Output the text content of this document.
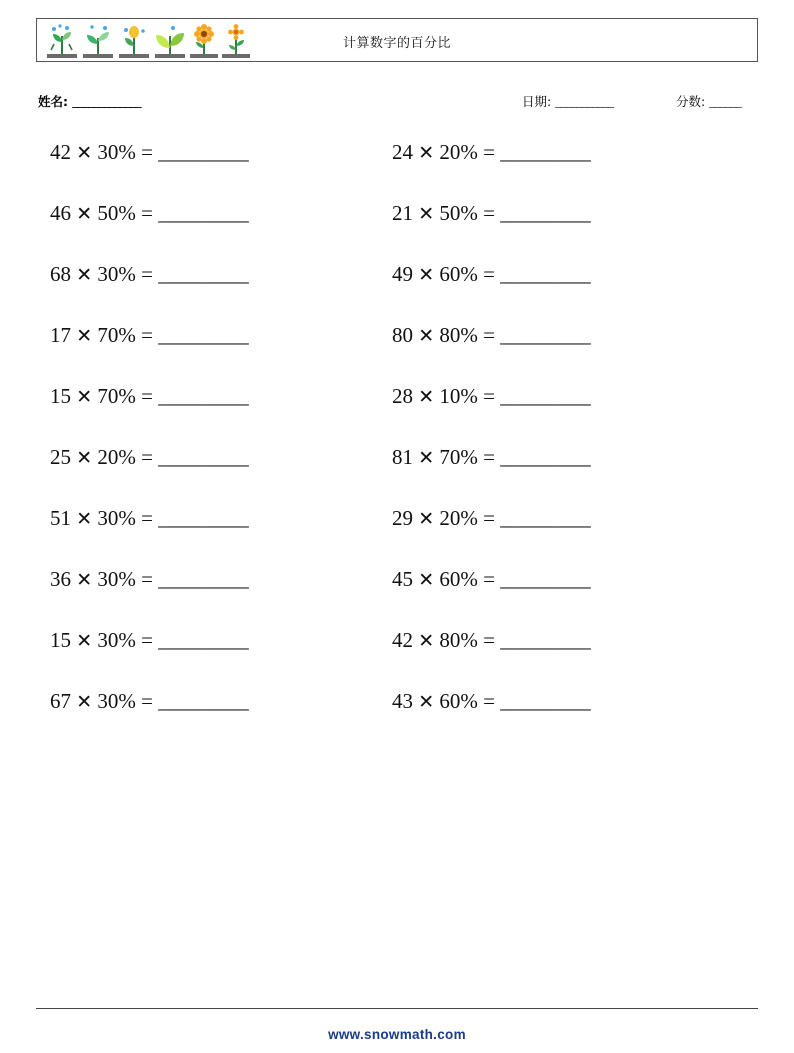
计算数字的百分比
姓名: _____________	日期: ___________	分数: ______
42 ✕ 30% = _________	24 ✕ 20% = _________
46 ✕ 50% = _________	21 ✕ 50% = _________
68 ✕ 30% = _________	49 ✕ 60% = _________
17 ✕ 70% = _________	80 ✕ 80% = _________
15 ✕ 70% = _________	28 ✕ 10% = _________
25 ✕ 20% = _________	81 ✕ 70% = _________
51 ✕ 30% = _________	29 ✕ 20% = _________
36 ✕ 30% = _________	45 ✕ 60% = _________
15 ✕ 30% = _________	42 ✕ 80% = _________
67 ✕ 30% = _________	43 ✕ 60% = _________
www.snowmath.com
